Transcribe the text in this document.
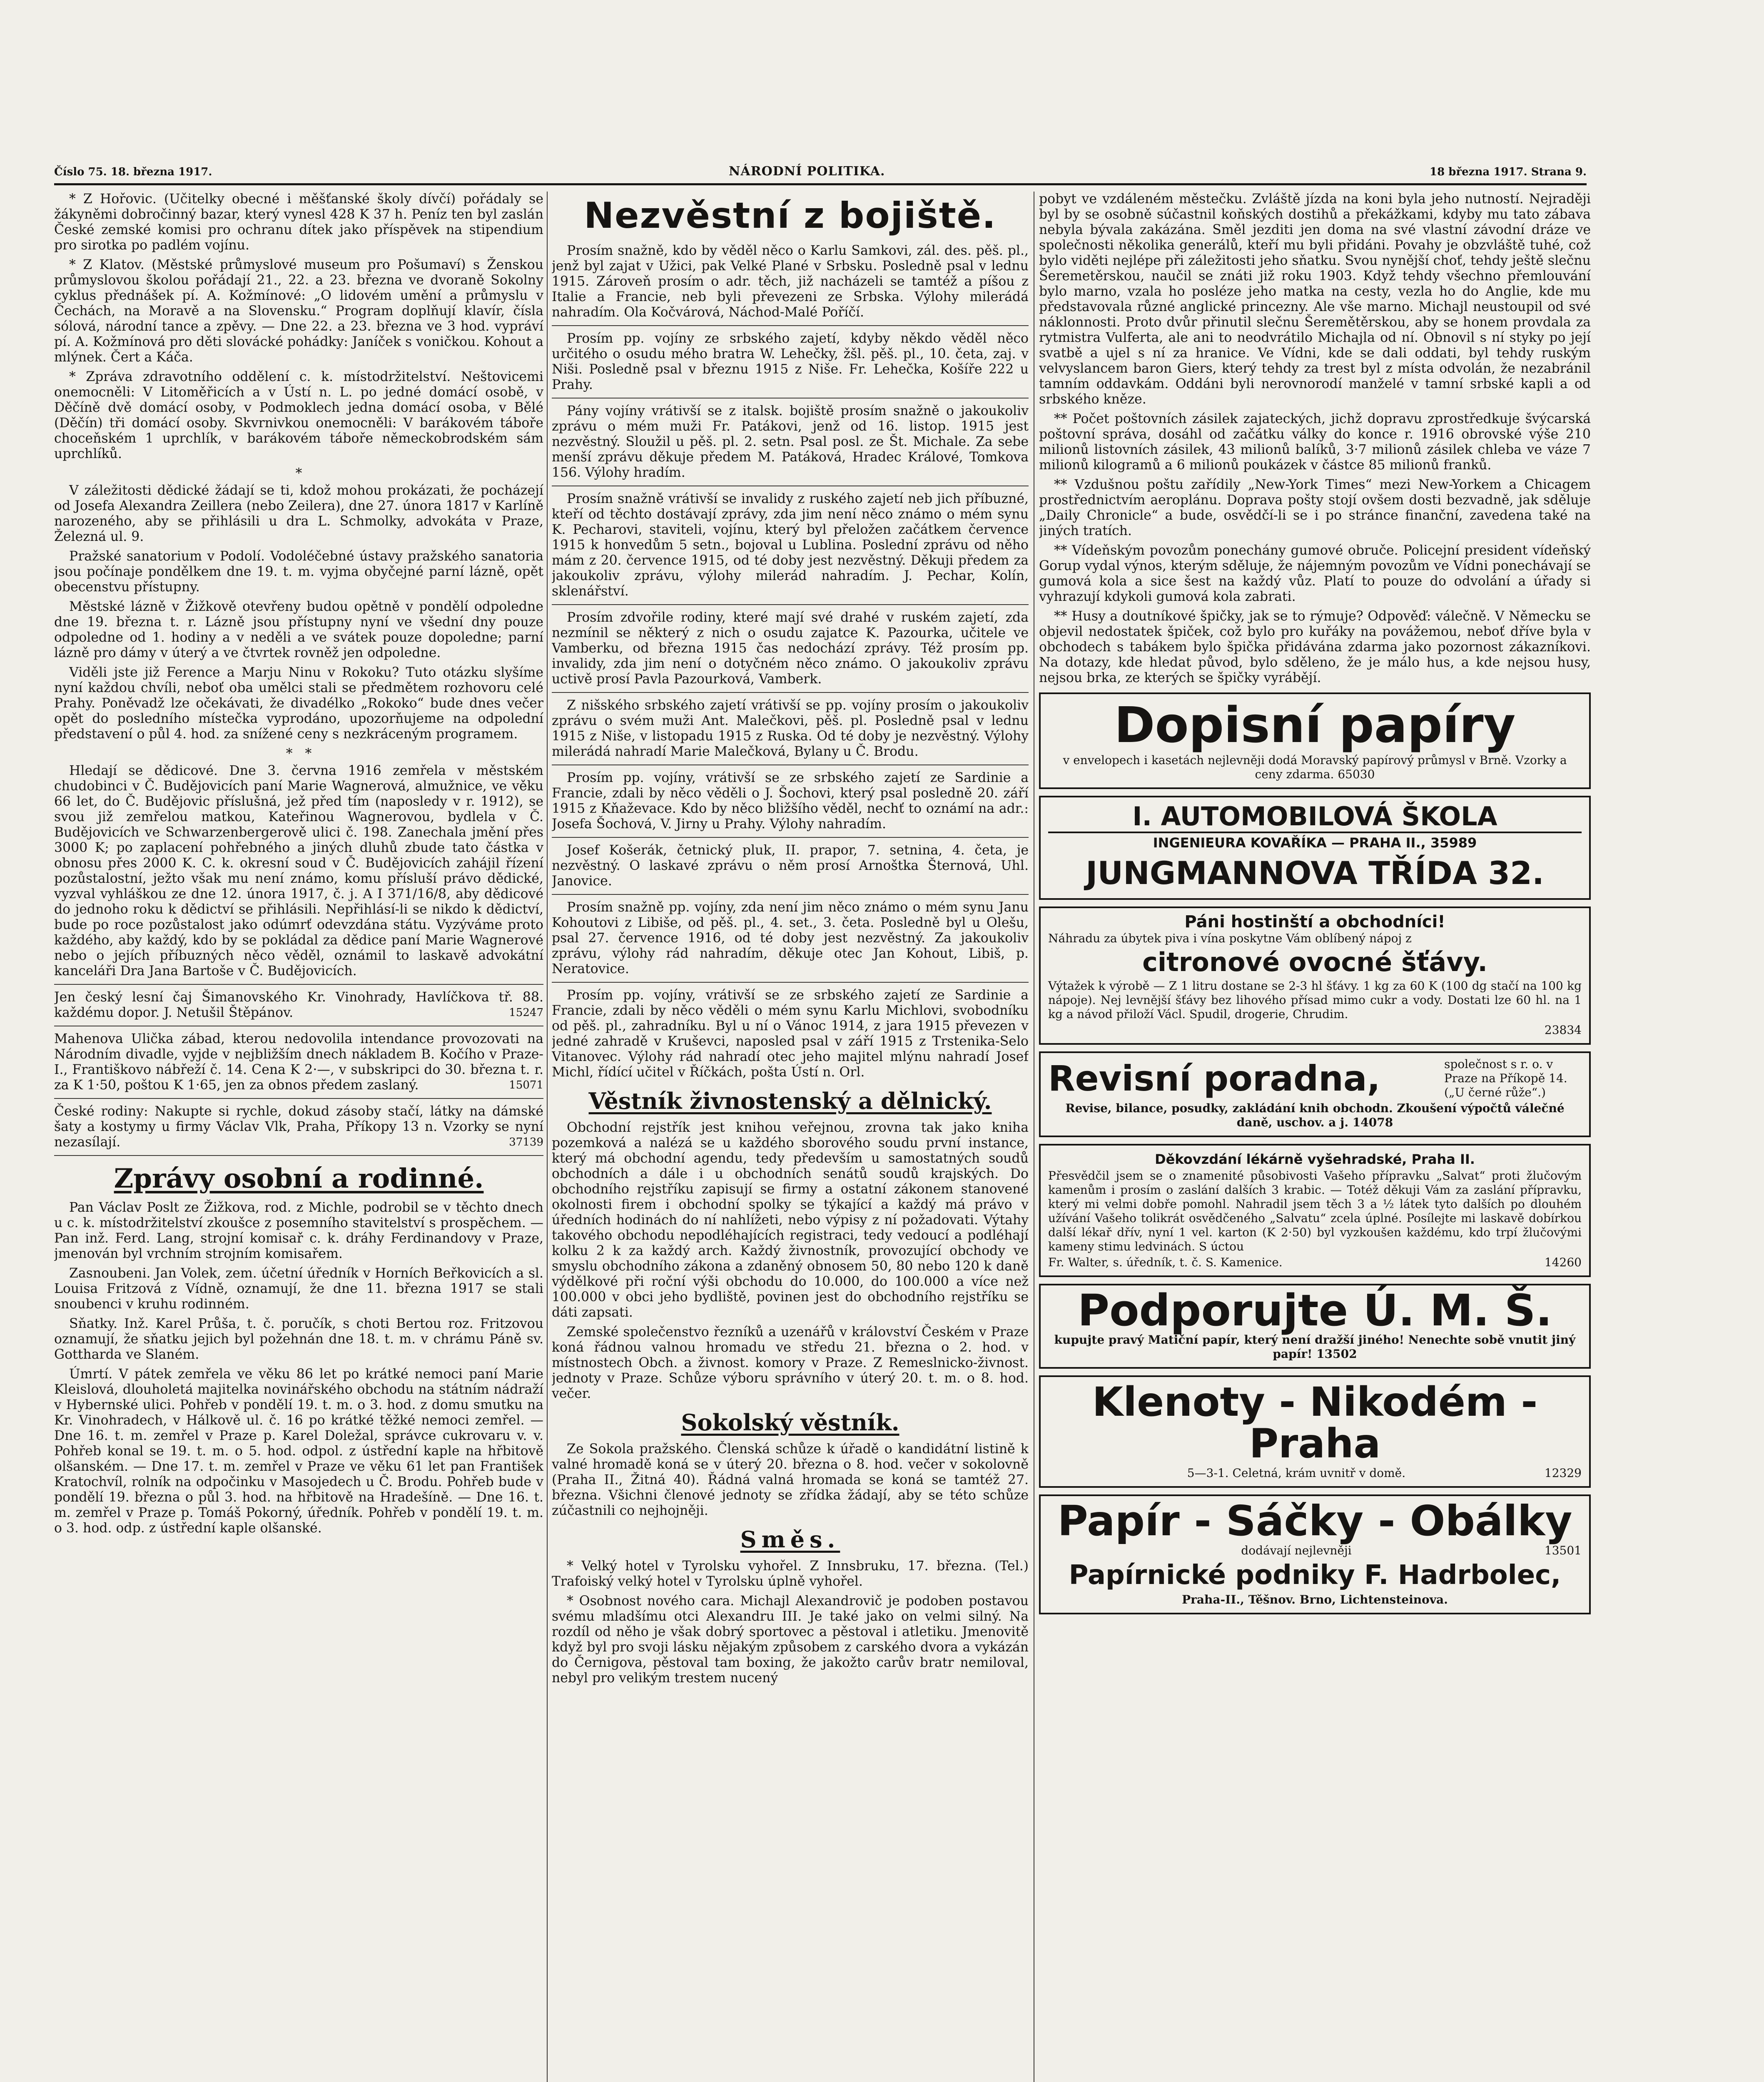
Číslo 75. 18. března 1917.	NÁRODNÍ POLITIKA.	18 března 1917. Strana 9.

* Z Hořovic. (Učitelky obecné i měšťanské školy dívčí) pořádaly se žákyněmi dobročinný bazar, který vynesl 428 K 37 h. Peníz ten byl zaslán České zemské komisi pro ochranu dítek jako příspěvek na stipendium pro sirotka po padlém vojínu.

* Z Klatov. (Městské průmyslové museum pro Pošumaví) s Ženskou průmyslovou školou pořádají 21., 22. a 23. března ve dvoraně Sokolny cyklus přednášek pí. A. Kožmínové: „O lidovém umění a průmyslu v Čechách, na Moravě a na Slovensku.“ Program doplňují klavír, čísla sólová, národní tance a zpěvy. — Dne 22. a 23. března ve 3 hod. vypráví pí. A. Kožmínová pro děti slovácké pohádky: Janíček s voničkou. Kohout a mlýnek. Čert a Káča.

* Zpráva zdravotního oddělení c. k. místodržitelství. Neštovicemi onemocněli: V Litoměřicích a v Ústí n. L. po jedné domácí osobě, v Děčíně dvě domácí osoby, v Podmoklech jedna domácí osoba, v Bělé (Děčín) tři domácí osoby. Skvrnivkou onemocněli: V barákovém táboře choceňském 1 uprchlík, v barákovém táboře německobrodském sám uprchlíků.

*

V záležitosti dědické žádají se ti, kdož mohou prokázati, že pocházejí od Josefa Alexandra Zeillera (nebo Zeilera), dne 27. února 1817 v Karlíně narozeného, aby se přihlásili u dra L. Schmolky, advokáta v Praze, Železná ul. 9.

Pražské sanatorium v Podolí. Vodoléčebné ústavy pražského sanatoria jsou počínaje pondělkem dne 19. t. m. vyjma obyčejné parní lázně, opět obecenstvu přístupny.

Městské lázně v Žižkově otevřeny budou opětně v pondělí odpoledne dne 19. března t. r. Lázně jsou přístupny nyní ve všední dny pouze odpoledne od 1. hodiny a v neděli a ve svátek pouze dopoledne; parní lázně pro dámy v úterý a ve čtvrtek rovněž jen odpoledne.

Viděli jste již Ference a Marju Ninu v Rokoku? Tuto otázku slyšíme nyní každou chvíli, neboť oba umělci stali se předmětem rozhovoru celé Prahy. Poněvadž lze očekávati, že divadélko „Rokoko“ bude dnes večer opět do posledního místečka vyprodáno, upozorňujeme na odpolední představení o půl 4. hod. za snížené ceny s nezkráceným programem.

*   *

Hledají se dědicové. Dne 3. června 1916 zemřela v městském chudobinci v Č. Budějovicích paní Marie Wagnerová, almužnice, ve věku 66 let, do Č. Budějovic příslušná, jež před tím (naposledy v r. 1912), se svou již zemřelou matkou, Kateřinou Wagnerovou, bydlela v Č. Budějovicích ve Schwarzenbergerově ulici č. 198. Zanechala jmění přes 3000 K; po zaplacení pohřebného a jiných dluhů zbude tato částka v obnosu přes 2000 K. C. k. okresní soud v Č. Budějovicích zahájil řízení pozůstalostní, ježto však mu není známo, komu přísluší právo dědické, vyzval vyhláškou ze dne 12. února 1917, č. j. A I 371/16/8, aby dědicové do jednoho roku k dědictví se přihlásili. Nepřihlásí-li se nikdo k dědictví, bude po roce pozůstalost jako odúmrť odevzdána státu. Vyzýváme proto každého, aby každý, kdo by se pokládal za dědice paní Marie Wagnerové nebo o jejích příbuzných něco věděl, oznámil to laskavě advokátní kanceláři Dra Jana Bartoše v Č. Budějovicích.

Jen český lesní čaj Šimanovského Kr. Vinohrady, Havlíčkova tř. 88. každému dopor. J. Netušil Štěpánov.	15247

Mahenova Ulička zábad, kterou nedovolila intendance provozovati na Národním divadle, vyjde v nejbližším dnech nákladem B. Kočího v Praze-I., Františkovo nábřeží č. 14. Cena K 2·—, v subskripci do 30. března t. r. za K 1·50, poštou K 1·65, jen za obnos předem zaslaný.	15071

České rodiny: Nakupte si rychle, dokud zásoby stačí, látky na dámské šaty a kostymy u firmy Václav Vlk, Praha, Příkopy 13 n. Vzorky se nyní nezasílají.	37139

Zprávy osobní a rodinné.

Pan Václav Poslt ze Žižkova, rod. z Michle, podrobil se v těchto dnech u c. k. místodržitelství zkoušce z posemního stavitelství s prospěchem. — Pan inž. Ferd. Lang, strojní komisař c. k. dráhy Ferdinandovy v Praze, jmenován byl vrchním strojním komisařem.

Zasnoubeni. Jan Volek, zem. účetní úředník v Horních Beřkovicích a sl. Louisa Fritzová z Vídně, oznamují, že dne 11. března 1917 se stali snoubenci v kruhu rodinném.

Sňatky. Inž. Karel Průša, t. č. poručík, s choti Bertou roz. Fritzovou oznamují, že sňatku jejich byl požehnán dne 18. t. m. v chrámu Páně sv. Gottharda ve Slaném.

Úmrtí. V pátek zemřela ve věku 86 let po krátké nemoci paní Marie Kleislová, dlouholetá majitelka novinářského obchodu na státním nádraží v Hybernské ulici. Pohřeb v pondělí 19. t. m. o 3. hod. z domu smutku na Kr. Vinohradech, v Hálkově ul. č. 16 po krátké těžké nemoci zemřel. — Dne 16. t. m. zemřel v Praze p. Karel Doležal, správce cukrovaru v. v. Pohřeb konal se 19. t. m. o 5. hod. odpol. z ústřední kaple na hřbitově olšanském. — Dne 17. t. m. zemřel v Praze ve věku 61 let pan František Kratochvíl, rolník na odpočinku v Masojedech u Č. Brodu. Pohřeb bude v pondělí 19. března o půl 3. hod. na hřbitově na Hradešíně. — Dne 16. t. m. zemřel v Praze p. Tomáš Pokorný, úředník. Pohřeb v pondělí 19. t. m. o 3. hod. odp. z ústřední kaple olšanské.

Nezvěstní z bojiště.

Prosím snažně, kdo by věděl něco o Karlu Samkovi, zál. des. pěš. pl., jenž byl zajat v Užici, pak Velké Plané v Srbsku. Posledně psal v lednu 1915. Zároveň prosím o adr. těch, již nacházeli se tamtéž a píšou z Italie a Francie, neb byli převezeni ze Srbska. Výlohy milerádá nahradím. Ola Kočvárová, Náchod-Malé Poříčí.

Prosím pp. vojíny ze srbského zajetí, kdyby někdo věděl něco určitého o osudu mého bratra W. Lehečky, žšl. pěš. pl., 10. četa, zaj. v Niši. Posledně psal v březnu 1915 z Niše. Fr. Lehečka, Košíře 222 u Prahy.

Pány vojíny vrátivší se z italsk. bojiště prosím snažně o jakoukoliv zprávu o mém muži Fr. Patákovi, jenž od 16. listop. 1915 jest nezvěstný. Sloužil u pěš. pl. 2. setn. Psal posl. ze Št. Michale. Za sebe menší zprávu děkuje předem M. Patáková, Hradec Králové, Tomkova 156. Výlohy hradím.

Prosím snažně vrátivší se invalidy z ruského zajetí neb jich příbuzné, kteří od těchto dostávají zprávy, zda jim není něco známo o mém synu K. Pecharovi, staviteli, vojínu, který byl přeložen začátkem července 1915 k honvedům 5 setn., bojoval u Lublina. Poslední zprávu od něho mám z 20. července 1915, od té doby jest nezvěstný. Děkuji předem za jakoukoliv zprávu, výlohy milerád nahradím. J. Pechar, Kolín, sklenářství.

Prosím zdvořile rodiny, které mají své drahé v ruském zajetí, zda nezmínil se některý z nich o osudu zajatce K. Pazourka, učitele ve Vamberku, od března 1915 čas nedochází zprávy. Též prosím pp. invalidy, zda jim není o dotyčném něco známo. O jakoukoliv zprávu uctivě prosí Pavla Pazourková, Vamberk.

Z nišského srbského zajetí vrátivší se pp. vojíny prosím o jakoukoliv zprávu o svém muži Ant. Malečkovi, pěš. pl. Posledně psal v lednu 1915 z Niše, v listopadu 1915 z Ruska. Od té doby je nezvěstný. Výlohy milerádá nahradí Marie Malečková, Bylany u Č. Brodu.

Prosím pp. vojíny, vrátivší se ze srbského zajetí ze Sardinie a Francie, zdali by něco věděli o J. Šochovi, který psal posledně 20. září 1915 z Kňaževace. Kdo by něco bližšího věděl, nechť to oznámí na adr.: Josefa Šochová, V. Jirny u Prahy. Výlohy nahradím.

Josef Košerák, četnický pluk, II. prapor, 7. setnina, 4. četa, je nezvěstný. O laskavé zprávu o něm prosí Arnoštka Šternová, Uhl. Janovice.

Prosím snažně pp. vojíny, zda není jim něco známo o mém synu Janu Kohoutovi z Libiše, od pěš. pl., 4. set., 3. četa. Posledně byl u Olešu, psal 27. července 1916, od té doby jest nezvěstný. Za jakoukoliv zprávu, výlohy rád nahradím, děkuje otec Jan Kohout, Libiš, p. Neratovice.

Prosím pp. vojíny, vrátivší se ze srbského zajetí ze Sardinie a Francie, zdali by něco věděli o mém synu Karlu Michlovi, svobodníku od pěš. pl., zahradníku. Byl u ní o Vánoc 1914, z jara 1915 převezen v jedné zahradě v Kruševci, naposled psal v září 1915 z Trstenika-Selo Vitanovec. Výlohy rád nahradí otec jeho majitel mlýnu nahradí Josef Michl, řídící učitel v Říčkách, pošta Ústí n. Orl.

Věstník živnostenský a dělnický.

Obchodní rejstřík jest knihou veřejnou, zrovna tak jako kniha pozemková a nalézá se u každého sborového soudu první instance, který má obchodní agendu, tedy především u samostatných soudů obchodních a dále i u obchodních senátů soudů krajských. Do obchodního rejstříku zapisují se firmy a ostatní zákonem stanovené okolnosti firem i obchodní spolky se týkající a každý má právo v úředních hodinách do ní nahlížeti, nebo výpisy z ní požadovati. Výtahy takového obchodu nepodléhajících registraci, tedy vedoucí a podléhají kolku 2 k za každý arch. Každý živnostník, provozující obchody ve smyslu obchodního zákona a zdaněný obnosem 50, 80 nebo 120 k daně výdělkové při roční výši obchodu do 10.000, do 100.000 a více než 100.000 v obci jeho bydliště, povinen jest do obchodního rejstříku se dáti zapsati.

Zemské společenstvo řezníků a uzenářů v království Českém v Praze koná řádnou valnou hromadu ve středu 21. března o 2. hod. v místnostech Obch. a živnost. komory v Praze. Z Remeslnicko-živnost. jednoty v Praze. Schůze výboru správního v úterý 20. t. m. o 8. hod. večer.

Sokolský věstník.

Ze Sokola pražského. Členská schůze k úřadě o kandidátní listině k valné hromadě koná se v úterý 20. března o 8. hod. večer v sokolovně (Praha II., Žitná 40). Řádná valná hromada se koná se tamtéž 27. března. Všichni členové jednoty se zřídka žádají, aby se této schůze zúčastnili co nejhojněji.

Směs.

* Velký hotel v Tyrolsku vyhořel. Z Innsbruku, 17. března. (Tel.) Trafoiský velký hotel v Tyrolsku úplně vyhořel.

* Osobnost nového cara. Michajl Alexandrovič je podoben postavou svému mladšímu otci Alexandru III. Je také jako on velmi silný. Na rozdíl od něho je však dobrý sportovec a pěstoval i atletiku. Jmenovitě když byl pro svoji lásku nějakým způsobem z carského dvora a vykázán do Černigova, pěstoval tam boxing, že jakožto carův bratr nemiloval, nebyl pro velikým trestem nucený

pobyt ve vzdáleném městečku. Zvláště jízda na koni byla jeho nutností. Nejraději byl by se osobně súčastnil koňských dostihů a překážkami, kdyby mu tato zábava nebyla bývala zakázána. Směl jezditi jen doma na své vlastní závodní dráze ve společnosti několika generálů, kteří mu byli přidáni. Povahy je obzvláště tuhé, což bylo viděti nejlépe při záležitosti jeho sňatku. Svou nynější choť, tehdy ještě slečnu Šeremetěrskou, naučil se znáti již roku 1903. Když tehdy všechno přemlouvání bylo marno, vzala ho posléze jeho matka na cesty, vezla ho do Anglie, kde mu představovala různé anglické princezny. Ale vše marno. Michajl neustoupil od své náklonnosti. Proto dvůr přinutil slečnu Šeremětěrskou, aby se honem provdala za rytmistra Vulferta, ale ani to neodvrátilo Michajla od ní. Obnovil s ní styky po její svatbě a ujel s ní za hranice. Ve Vídni, kde se dali oddati, byl tehdy ruským velvyslancem baron Giers, který tehdy za trest byl z místa odvolán, že nezabránil tamním oddavkám. Oddáni byli nerovnorodí manželé v tamní srbské kapli a od srbského kněze.

** Počet poštovních zásilek zajateckých, jichž dopravu zprostředkuje švýcarská poštovní správa, dosáhl od začátku války do konce r. 1916 obrovské výše 210 milionů listovních zásilek, 43 milionů balíků, 3·7 milionů zásilek chleba ve váze 7 milionů kilogramů a 6 milionů poukázek v částce 85 milionů franků.

** Vzdušnou poštu zařídily „New-York Times“ mezi New-Yorkem a Chicagem prostřednictvím aeroplánu. Doprava pošty stojí ovšem dosti bezvadně, jak sděluje „Daily Chronicle“ a bude, osvědčí-li se i po stránce finanční, zavedena také na jiných tratích.

** Vídeňským povozům ponechány gumové obruče. Policejní president vídeňský Gorup vydal výnos, kterým sděluje, že nájemným povozům ve Vídni ponechávají se gumová kola a sice šest na každý vůz. Platí to pouze do odvolání a úřady si vyhrazují kdykoli gumová kola zabrati.

** Husy a doutníkové špičky, jak se to rýmuje? Odpověď: válečně. V Německu se objevil nedostatek špiček, což bylo pro kuřáky na povážemou, neboť dříve byla v obchodech s tabákem bylo špička přidávána zdarma jako pozornost zákazníkovi. Na dotazy, kde hledat původ, bylo sděleno, že je málo hus, a kde nejsou husy, nejsou brka, ze kterých se špičky vyrábějí.

Dopisní papíry

v envelopech i kasetách nejlevněji dodá Moravský papírový průmysl v Brně. Vzorky a ceny zdarma. 65030

I. AUTOMOBILOVÁ ŠKOLA

INGENIEURA KOVAŘÍKA — PRAHA II., 35989

JUNGMANNOVA TŘÍDA 32.

Páni hostinští a obchodníci!

Náhradu za úbytek piva i vína poskytne Vám oblíbený nápoj z

citronové ovocné šťávy.

Výtažek k výrobě — Z 1 litru dostane se 2-3 hl šťávy. 1 kg za 60 K (100 dg stačí na 100 kg nápoje). Nej levnější šťávy bez lihového přísad mimo cukr a vody. Dostati lze 60 hl. na 1 kg a návod přiloží Václ. Spudil, drogerie, Chrudim.

23834

Revisní poradna,	společnost s r. o. v Praze na Příkopě 14. („U černé růže“.)

Revise, bilance, posudky, zakládání knih obchodn. Zkoušení výpočtů válečné daně, uschov. a j. 14078

Děkovzdání lékárně vyšehradské, Praha II.

Přesvědčil jsem se o znamenité působivosti Vašeho přípravku „Salvat“ proti žlučovým kamenům i prosím o zaslání dalších 3 krabic. — Totéž děkuji Vám za zaslání přípravku, který mi velmi dobře pomohl. Nahradil jsem těch 3 a ½ látek tyto dalších po dlouhém užívání Vašeho tolikrát osvědčeného „Salvatu“ zcela úplné. Posílejte mi laskavě dobírkou další lékař dřív, nyní 1 vel. karton (K 2·50) byl vyzkoušen každému, kdo trpí žlučovými kameny stimu ledvinách. S úctou

Fr. Walter, s. úředník, t. č. S. Kamenice.	14260

Podporujte Ú. M. Š.

kupujte pravý Matiční papír, který není dražší jiného! Nenechte sobě vnutit jiný papír! 13502

Klenoty - Nikodém - Praha

5—3-1. Celetná, krám uvnitř v domě.	12329

Papír - Sáčky - Obálky

dodávají nejlevněji	13501

Papírnické podniky F. Hadrbolec,

Praha-II., Těšnov. Brno, Lichtensteinova.
